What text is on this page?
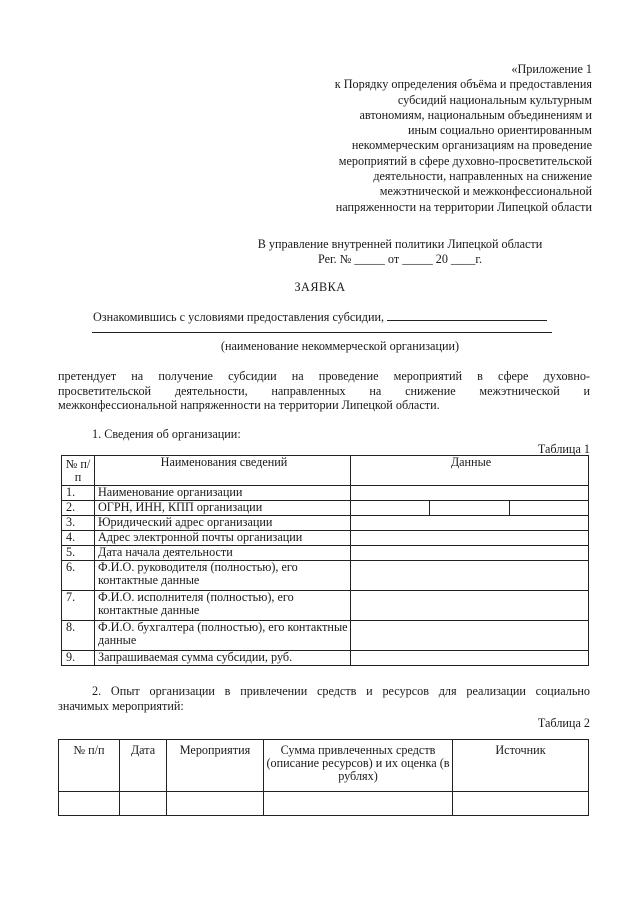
«Приложение 1
к Порядку определения объёма и предоставления
субсидий национальным культурным
автономиям, национальным объединениям и
иным социально ориентированным
некоммерческим организациям на проведение
мероприятий в сфере духовно-просветительской
деятельности, направленных на снижение
межэтнической и межконфессиональной
напряженности на территории Липецкой области
В управление внутренней политики Липецкой области
Рег. № _____ от _____ 20 ____г.
ЗАЯВКА
Ознакомившись с условиями предоставления субсидии,
(наименование некоммерческой организации)
претендует на получение субсидии на проведение мероприятий в сфере духовно-
просветительской деятельности, направленных на снижение межэтнической и
межконфессиональной напряженности на территории Липецкой области.
1. Сведения об организации:
Таблица 1
№ п/п	Наименования сведений	Данные
1.	Наименование организации	
2.	ОГРН, ИНН, КПП организации	

3.	Юридический адрес организации	
4.	Адрес электронной почты организации	
5.	Дата начала деятельности	
6.	Ф.И.О. руководителя (полностью), его контактные данные	
7.	Ф.И.О. исполнителя (полностью), его контактные данные	
8.	Ф.И.О. бухгалтера (полностью), его контактные данные	
9.	Запрашиваемая сумма субсидии, руб.	
2. Опыт организации в привлечении средств и ресурсов для реализации социально
значимых мероприятий:
Таблица 2
№ п/п	Дата	Мероприятия	Сумма привлеченных средств (описание ресурсов) и их оценка (в рублях)	Источник
